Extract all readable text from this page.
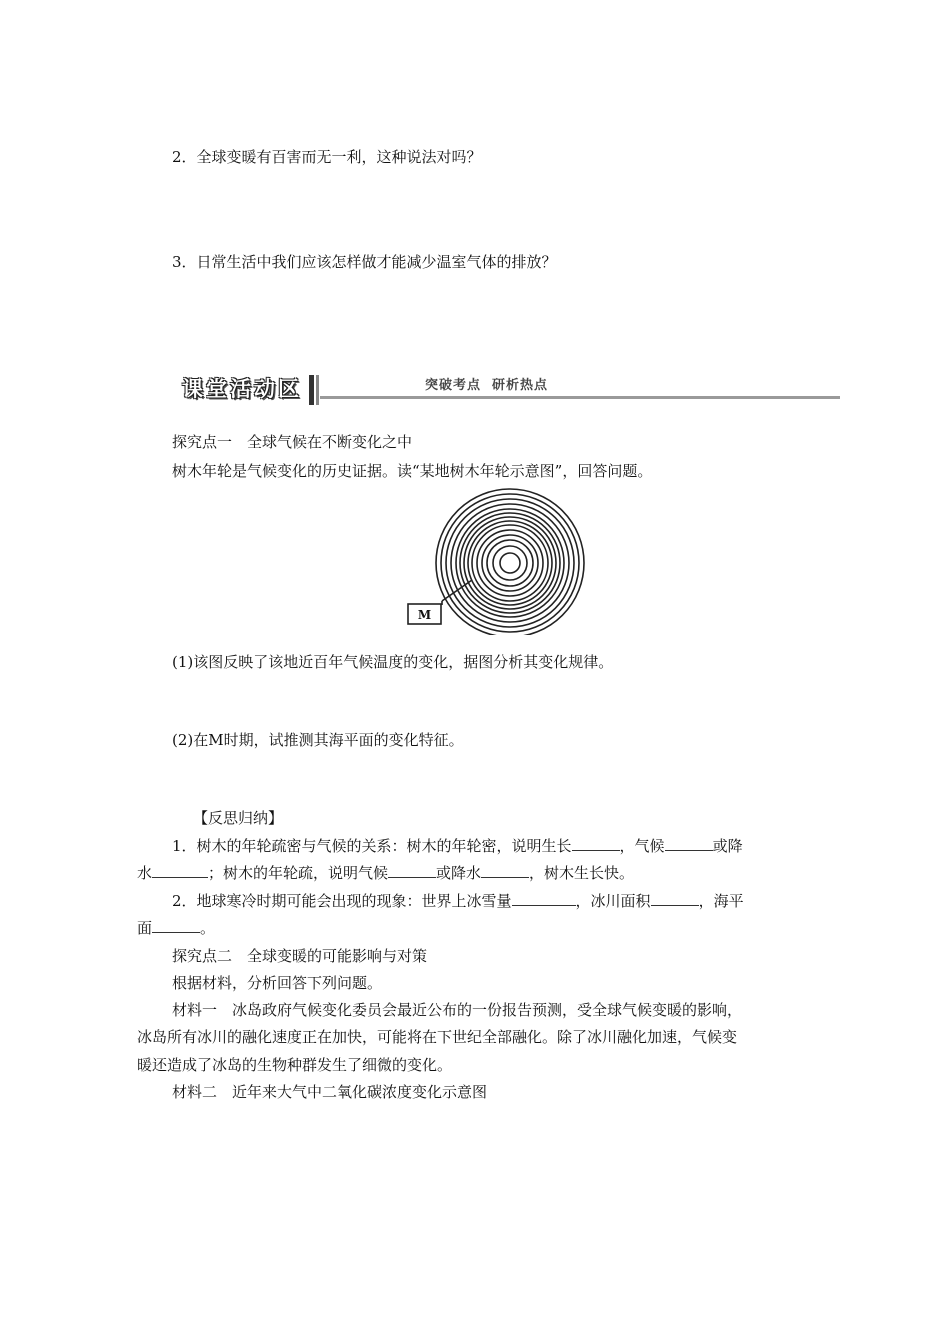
2．全球变暖有百害而无一利，这种说法对吗？
3．日常生活中我们应该怎样做才能减少温室气体的排放？
课堂活动区	突破考点  研析热点
探究点一　全球气候在不断变化之中
树木年轮是气候变化的历史证据。读“某地树木年轮示意图”，回答问题。
M
(1)该图反映了该地近百年气候温度的变化，据图分析其变化规律。
(2)在M时期，试推测其海平面的变化特征。
【反思归纳】
1．树木的年轮疏密与气候的关系：树木的年轮密，说明生长	，气候	或降
水	；树木的年轮疏，说明气候	或降水	，树木生长快。
2．地球寒冷时期可能会出现的现象：世界上冰雪量	，冰川面积	，海平
面	。
探究点二　全球变暖的可能影响与对策
根据材料，分析回答下列问题。
材料一　冰岛政府气候变化委员会最近公布的一份报告预测，受全球气候变暖的影响，
冰岛所有冰川的融化速度正在加快，可能将在下世纪全部融化。除了冰川融化加速，气候变
暖还造成了冰岛的生物种群发生了细微的变化。
材料二　近年来大气中二氧化碳浓度变化示意图
